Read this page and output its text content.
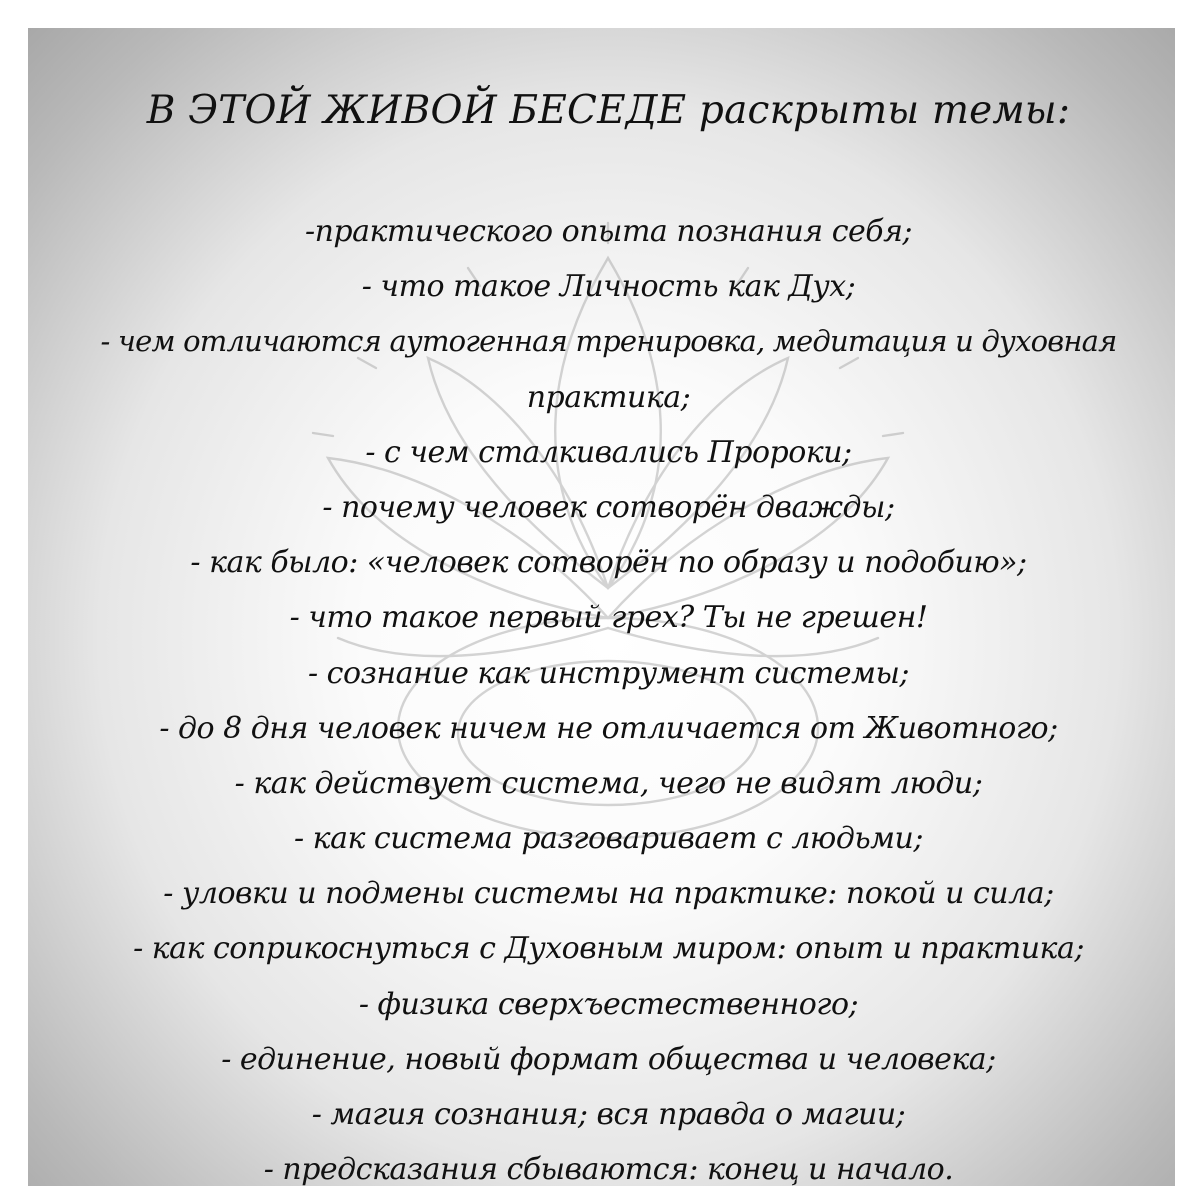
В ЭТОЙ ЖИВОЙ БЕСЕДЕ раскрыты темы:
-практического опыта познания себя;
- что такое Личность как Дух;
- чем отличаются аутогенная тренировка, медитация и духовная
практика;
- с чем сталкивались Пророки;
- почему человек сотворён дважды;
- как было: «человек сотворён по образу и подобию»;
- что такое первый грех? Ты не грешен!
- сознание как инструмент системы;
- до 8 дня человек ничем не отличается от Животного;
- как действует система, чего не видят люди;
- как система разговаривает с людьми;
- уловки и подмены системы на практике: покой и сила;
- как соприкоснуться с Духовным миром: опыт и практика;
- физика сверхъестественного;
- единение, новый формат общества и человека;
- магия сознания; вся правда о магии;
- предсказания сбываются: конец и начало.
